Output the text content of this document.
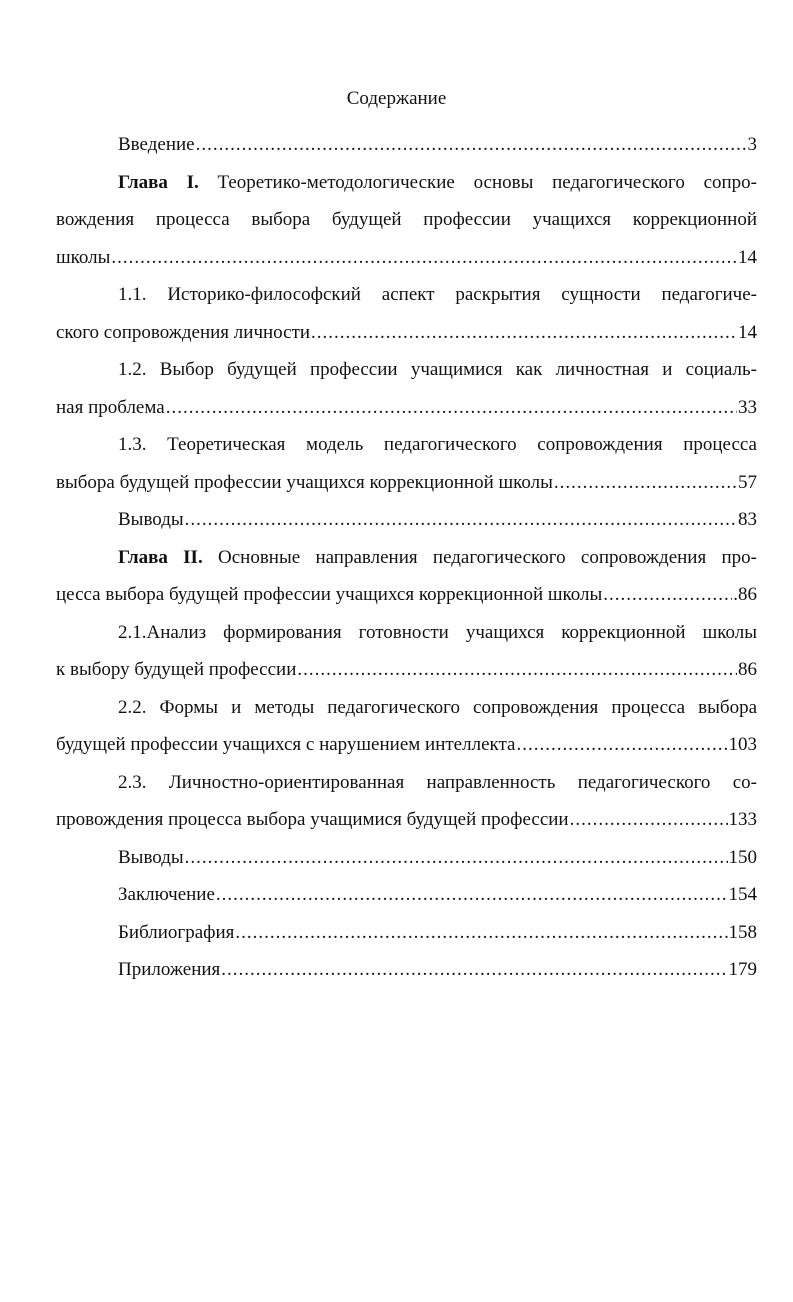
Содержание
Введение .....	3
Глава I. Теоретико-методологические основы педагогического сопро-
вождения процесса выбора будущей профессии учащихся коррекционной
школы .....	14
1.1. Историко-философский аспект раскрытия сущности педагогиче-
ского сопровождения личности .....	14
1.2. Выбор будущей профессии учащимися как личностная и социаль-
ная проблема .....	33
1.3. Теоретическая модель педагогического сопровождения процесса
выбора будущей профессии учащихся коррекционной школы .....	57
Выводы .....	83
Глава II. Основные направления педагогического сопровождения про-
цесса выбора будущей профессии учащихся коррекционной школы .....	.86
2.1.Анализ формирования готовности учащихся коррекционной школы
к выбору будущей профессии .....	86
2.2. Формы и методы педагогического сопровождения процесса выбора
будущей профессии учащихся с нарушением интеллекта .....	103
2.3. Личностно-ориентированная направленность педагогического со-
провождения процесса выбора учащимися будущей профессии .....	133
Выводы .....	150
Заключение .....	154
Библиография .....	158
Приложения .....	179
